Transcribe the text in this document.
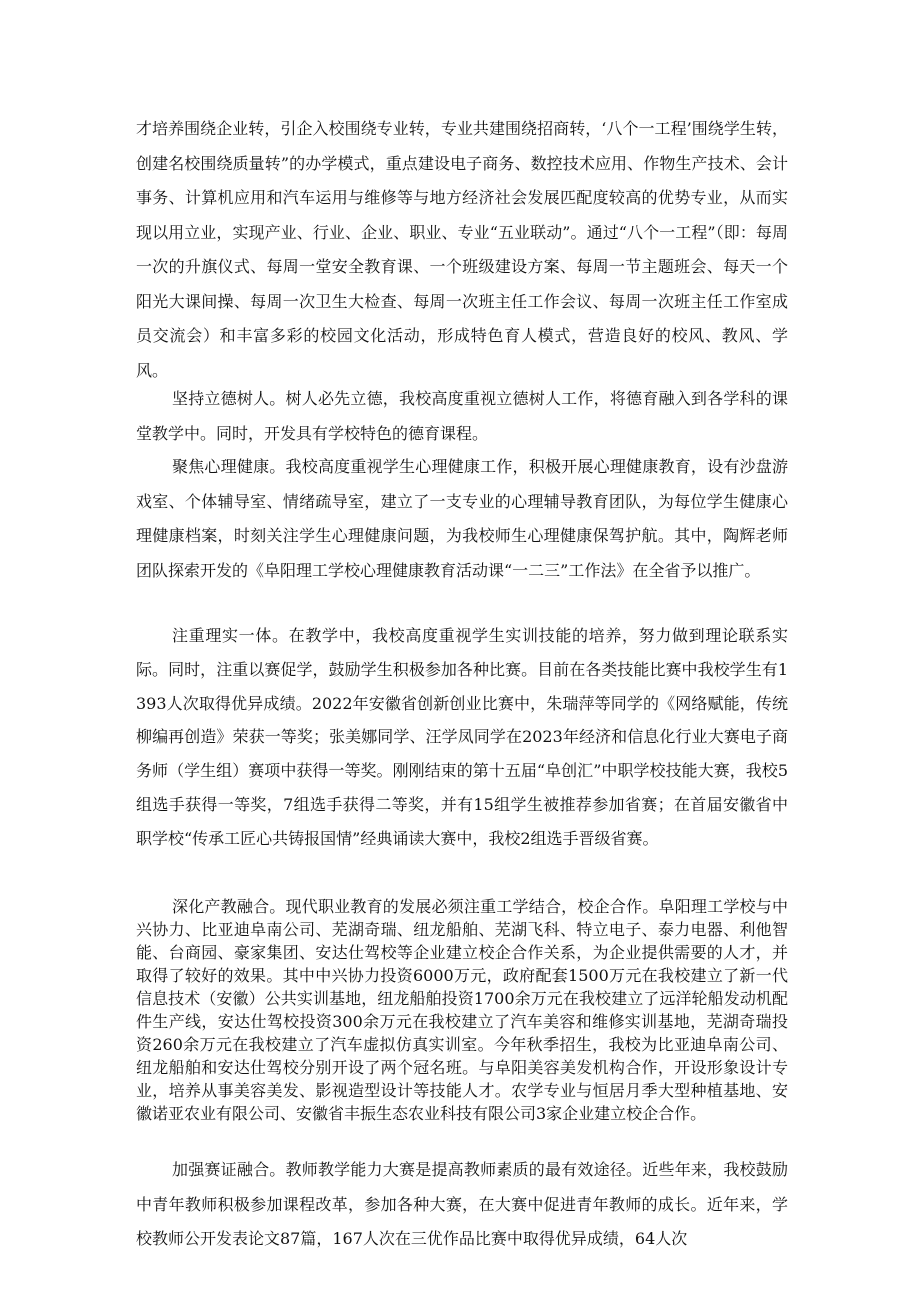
才培养围绕企业转，引企入校围绕专业转，专业共建围绕招商转，‘八个一工程’围绕学生转，创建名校围绕质量转”的办学模式，重点建设电子商务、数控技术应用、作物生产技术、会计事务、计算机应用和汽车运用与维修等与地方经济社会发展匹配度较高的优势专业，从而实现以用立业，实现产业、行业、企业、职业、专业“五业联动”。通过“八个一工程”（即：每周一次的升旗仪式、每周一堂安全教育课、一个班级建设方案、每周一节主题班会、每天一个阳光大课间操、每周一次卫生大检查、每周一次班主任工作会议、每周一次班主任工作室成员交流会）和丰富多彩的校园文化活动，形成特色育人模式，营造良好的校风、教风、学风。

坚持立德树人。树人必先立德，我校高度重视立德树人工作，将德育融入到各学科的课堂教学中。同时，开发具有学校特色的德育课程。

聚焦心理健康。我校高度重视学生心理健康工作，积极开展心理健康教育，设有沙盘游戏室、个体辅导室、情绪疏导室，建立了一支专业的心理辅导教育团队，为每位学生健康心理健康档案，时刻关注学生心理健康问题，为我校师生心理健康保驾护航。其中，陶辉老师团队探索开发的《阜阳理工学校心理健康教育活动课“一二三”工作法》在全省予以推广。

注重理实一体。在教学中，我校高度重视学生实训技能的培养，努力做到理论联系实际。同时，注重以赛促学，鼓励学生积极参加各种比赛。目前在各类技能比赛中我校学生有1393人次取得优异成绩。2022年安徽省创新创业比赛中，朱瑞萍等同学的《网络赋能，传统柳编再创造》荣获一等奖；张美娜同学、汪学凤同学在2023年经济和信息化行业大赛电子商务师（学生组）赛项中获得一等奖。刚刚结束的第十五届“阜创汇”中职学校技能大赛，我校5组选手获得一等奖，7组选手获得二等奖，并有15组学生被推荐参加省赛；在首届安徽省中职学校“传承工匠心共铸报国情”经典诵读大赛中，我校2组选手晋级省赛。

深化产教融合。现代职业教育的发展必须注重工学结合，校企合作。阜阳理工学校与中兴协力、比亚迪阜南公司、芜湖奇瑞、纽龙船舶、芜湖飞科、特立电子、泰力电器、利他智能、台商园、豪家集团、安达仕驾校等企业建立校企合作关系，为企业提供需要的人才，并取得了较好的效果。其中中兴协力投资6000万元，政府配套1500万元在我校建立了新一代信息技术（安徽）公共实训基地，纽龙船舶投资1700余万元在我校建立了远洋轮船发动机配件生产线，安达仕驾校投资300余万元在我校建立了汽车美容和维修实训基地，芜湖奇瑞投资260余万元在我校建立了汽车虚拟仿真实训室。今年秋季招生，我校为比亚迪阜南公司、纽龙船舶和安达仕驾校分别开设了两个冠名班。与阜阳美容美发机构合作，开设形象设计专业，培养从事美容美发、影视造型设计等技能人才。农学专业与恒居月季大型种植基地、安徽诺亚农业有限公司、安徽省丰振生态农业科技有限公司3家企业建立校企合作。

加强赛证融合。教师教学能力大赛是提高教师素质的最有效途径。近些年来，我校鼓励中青年教师积极参加课程改革，参加各种大赛，在大赛中促进青年教师的成长。近年来，学校教师公开发表论文87篇，167人次在三优作品比赛中取得优异成绩，64人次
